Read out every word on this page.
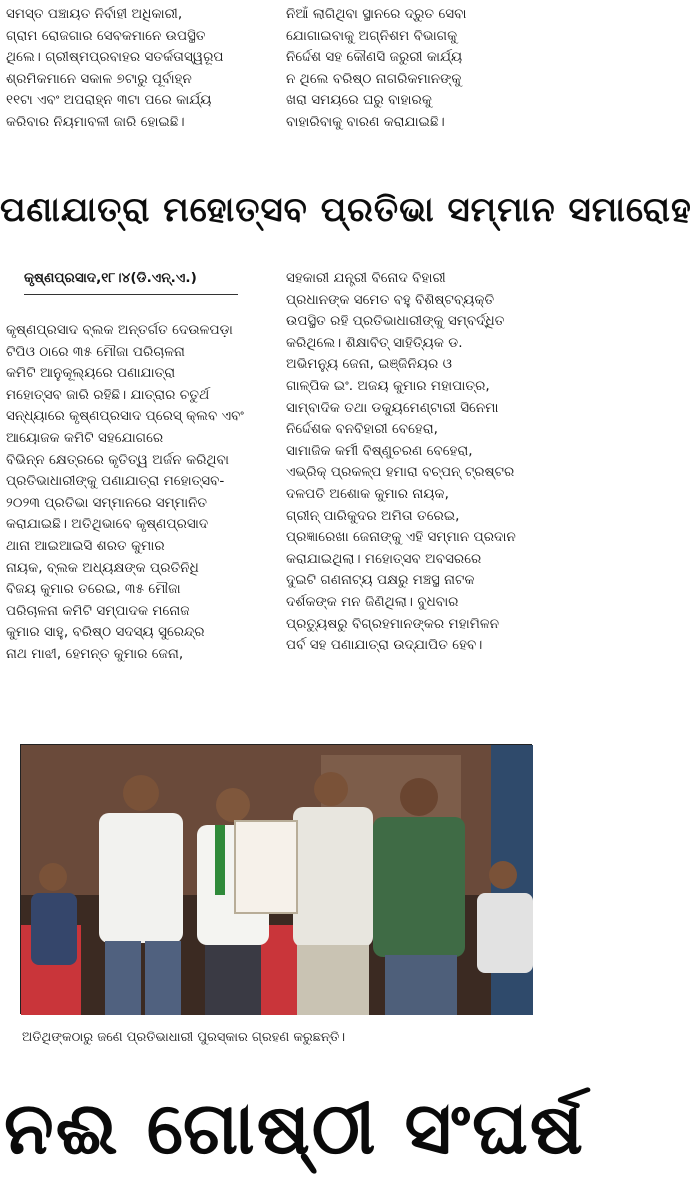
ସମସ୍ତ ପଞ୍ଚାୟତ ନିର୍ବାହୀ ଅଧିକାରୀ,

ଗ୍ରାମ ରୋଜଗାର ସେବକମାନେ ଉପସ୍ଥିତ

ଥିଲେ। ଗ୍ରୀଷ୍ମପ୍ରବାହର ସତର୍କତାସ୍ୱରୂପ

ଶ୍ରମିକମାନେ ସକାଳ ୭ଟାରୁ ପୂର୍ବାହ୍ନ

୧୧ଟା ଏବଂ ଅପରାହ୍ନ ୩ଟା ପରେ କାର୍ଯ୍ୟ

କରିବାର ନିୟମାବଳୀ ଜାରି ହୋଇଛି।

ନିଆଁ ଲାଗିଥିବା ସ୍ଥାନରେ ଦ୍ରୁତ ସେବା

ଯୋଗାଇବାକୁ ଅଗ୍ନିଶମ ବିଭାଗକୁ

ନିର୍ଦ୍ଦେଶ ସହ କୌଣସି ଜରୁରୀ କାର୍ଯ୍ୟ

ନ ଥିଲେ ବରିଷ୍ଠ ନାଗରିକମାନଙ୍କୁ

ଖରା ସମୟରେ ଘରୁ ବାହାରକୁ

ବାହାରିବାକୁ ବାରଣ କରାଯାଇଛି।

ପଣାଯାତ୍ରା ମହୋତ୍ସବ ପ୍ରତିଭା ସମ୍ମାନ ସମାରୋହ
କୃଷ୍ଣପ୍ରସାଦ,୧୮।୪(ଡି.ଏନ୍.ଏ.)

କୃଷ୍ଣପ୍ରସାଦ ବ୍ଲକ ଅନ୍ତର୍ଗତ ଦେଉଳପଡ଼ା

ଟିପିଓ ଠାରେ ୩୫ ମୌଜା ପରିଚାଳନା

କମିଟି ଆନୁକୂଲ୍ୟରେ ପଣାଯାତ୍ରା

ମହୋତ୍ସବ ଜାରି ରହିଛି। ଯାତ୍ରାର ଚତୁର୍ଥ

ସନ୍ଧ୍ୟାରେ କୃଷ୍ଣପ୍ରସାଦ ପ୍ରେସ୍ କ୍ଲବ ଏବଂ

ଆୟୋଜକ କମିଟି ସହଯୋଗରେ

ବିଭିନ୍ନ କ୍ଷେତ୍ରରେ କୃତିତ୍ୱ ଅର୍ଜନ କରିଥିବା

ପ୍ରତିଭାଧାରୀଙ୍କୁ ପଣାଯାତ୍ରା ମହୋତ୍ସବ-

୨୦୨୩ ପ୍ରତିଭା ସମ୍ମାନରେ ସମ୍ମାନିତ

କରାଯାଇଛି। ଅତିଥିଭାବେ କୃଷ୍ଣପ୍ରସାଦ

ଥାନା ଆଇଆଇସି ଶରତ କୁମାର

ନାୟକ, ବ୍ଲକ ଅଧ୍ୟକ୍ଷଙ୍କ ପ୍ରତିନିଧି

ବିଜୟ କୁମାର ତରେଇ, ୩୫ ମୌଜା

ପରିଚାଳନା କମିଟି ସମ୍ପାଦକ ମନୋଜ

କୁମାର ସାହୁ, ବରିଷ୍ଠ ସଦସ୍ୟ ସୁରେନ୍ଦ୍ର

ନାଥ ମାଝୀ, ହେମନ୍ତ କୁମାର ଜେନା,

ସହକାରୀ ଯନ୍ତ୍ରୀ ବିନୋଦ ବିହାରୀ

ପ୍ରଧାନଙ୍କ ସମେତ ବହୁ ବିଶିଷ୍ଟବ୍ୟକ୍ତି

ଉପସ୍ଥିତ ରହି ପ୍ରତିଭାଧାରୀଙ୍କୁ ସମ୍ବର୍ଦ୍ଧିତ

କରିଥିଲେ। ଶିକ୍ଷାବିତ୍ ସାହିତ୍ୟିକ ଡ.

ଅଭିମନ୍ୟୁ ଜେନା, ଇଞ୍ଜିନିୟର ଓ

ଗାଳ୍ପିକ ଇଂ. ଅଜୟ କୁମାର ମହାପାତ୍ର,

ସାମ୍ବାଦିକ ତଥା ଡକ୍ୟୁମେଣ୍ଟାରୀ ସିନେମା

ନିର୍ଦ୍ଦେଶକ ବନବିହାରୀ ବେହେରା,

ସାମାଜିକ କର୍ମୀ ବିଷ୍ଣୁଚରଣ ବେହେରା,

ଏଭ୍ରିକ୍ ପ୍ରକଳ୍ପ ହମାରା ବଚ୍ପନ୍ ଟ୍ରଷ୍ଟର

ଦଳପତି ଅଶୋକ କୁମାର ନାୟକ,

ଗ୍ରୀନ୍ ପାରିକୁଦର ଅମିତା ତରେଇ,

ପ୍ରଜ୍ଞାରେଖା ଜେନାଙ୍କୁ ଏହି ସମ୍ମାନ ପ୍ରଦାନ

କରାଯାଇଥିଲା। ମହୋତ୍ସବ ଅବସରରେ

ଦୁଇଟି ଗଣନାଟ୍ୟ ପକ୍ଷରୁ ମଞ୍ଚସ୍ଥ ନାଟକ

ଦର୍ଶକଙ୍କ ମନ ଜିଣିଥିଲା। ବୁଧବାର

ପ୍ରତ୍ୟୁଷରୁ ବିଗ୍ରହମାନଙ୍କର ମହାମିଳନ

ପର୍ବ ସହ ପଣାଯାତ୍ରା ଉଦ୍‌ଯାପିତ ହେବ।

ଅତିଥିଙ୍କଠାରୁ ଜଣେ ପ୍ରତିଭାଧାରୀ ପୁରସ୍କାର ଗ୍ରହଣ କରୁଛନ୍ତି।

ନଈ ଗୋଷ୍ଠୀ ସଂଘର୍ଷ
